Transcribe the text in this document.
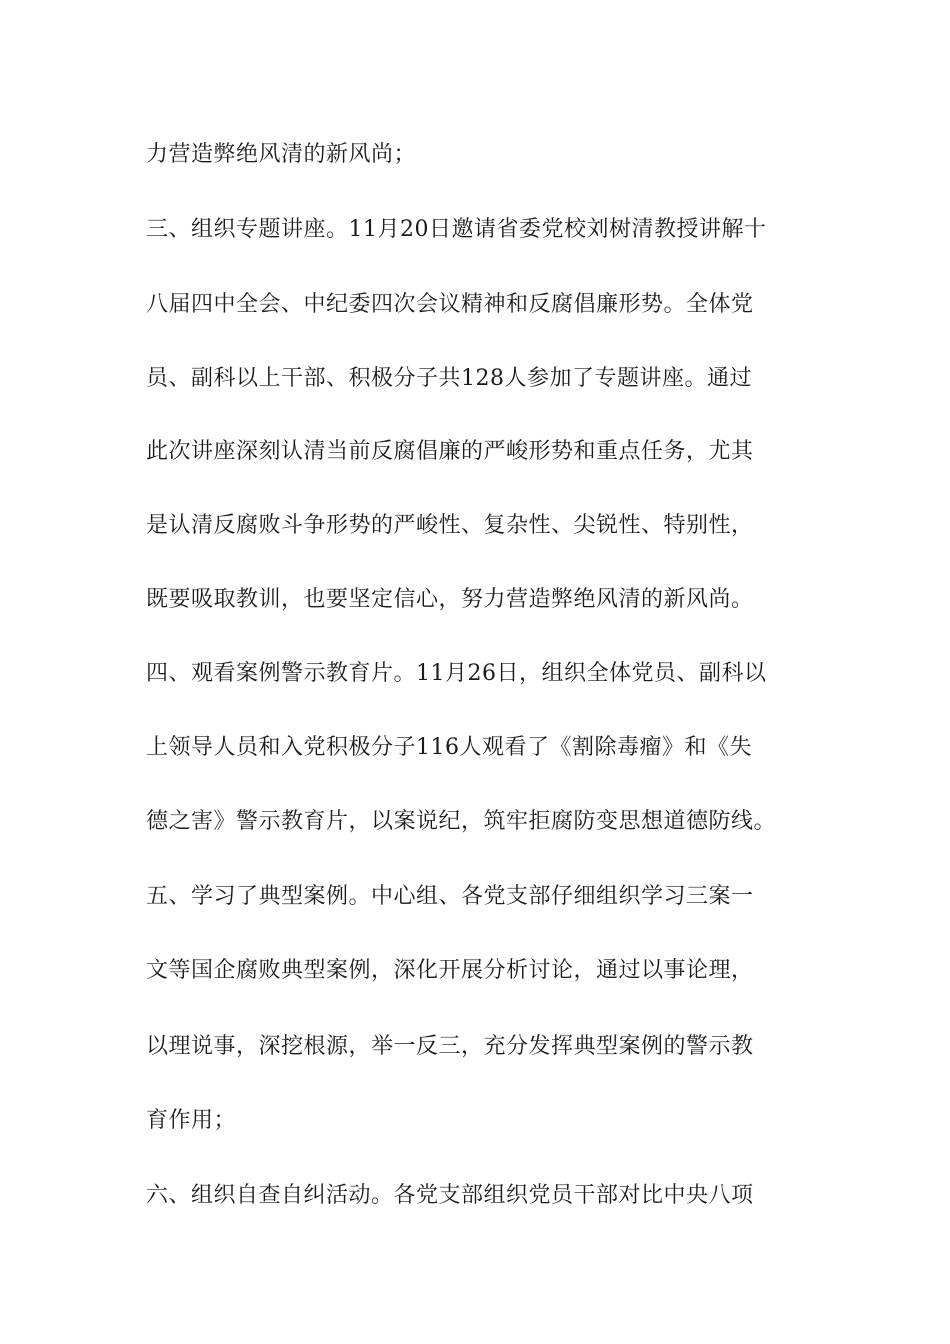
力营造弊绝风清的新风尚；
三、组织专题讲座。11月20日邀请省委党校刘树清教授讲解十
八届四中全会、中纪委四次会议精神和反腐倡廉形势。全体党
员、副科以上干部、积极分子共128人参加了专题讲座。通过
此次讲座深刻认清当前反腐倡廉的严峻形势和重点任务，尤其
是认清反腐败斗争形势的严峻性、复杂性、尖锐性、特别性，
既要吸取教训，也要坚定信心，努力营造弊绝风清的新风尚。
四、观看案例警示教育片。11月26日，组织全体党员、副科以
上领导人员和入党积极分子116人观看了《割除毒瘤》和《失
德之害》警示教育片，以案说纪，筑牢拒腐防变思想道德防线。
五、学习了典型案例。中心组、各党支部仔细组织学习三案一
文等国企腐败典型案例，深化开展分析讨论，通过以事论理，
以理说事，深挖根源，举一反三，充分发挥典型案例的警示教
育作用；
六、组织自查自纠活动。各党支部组织党员干部对比中央八项
